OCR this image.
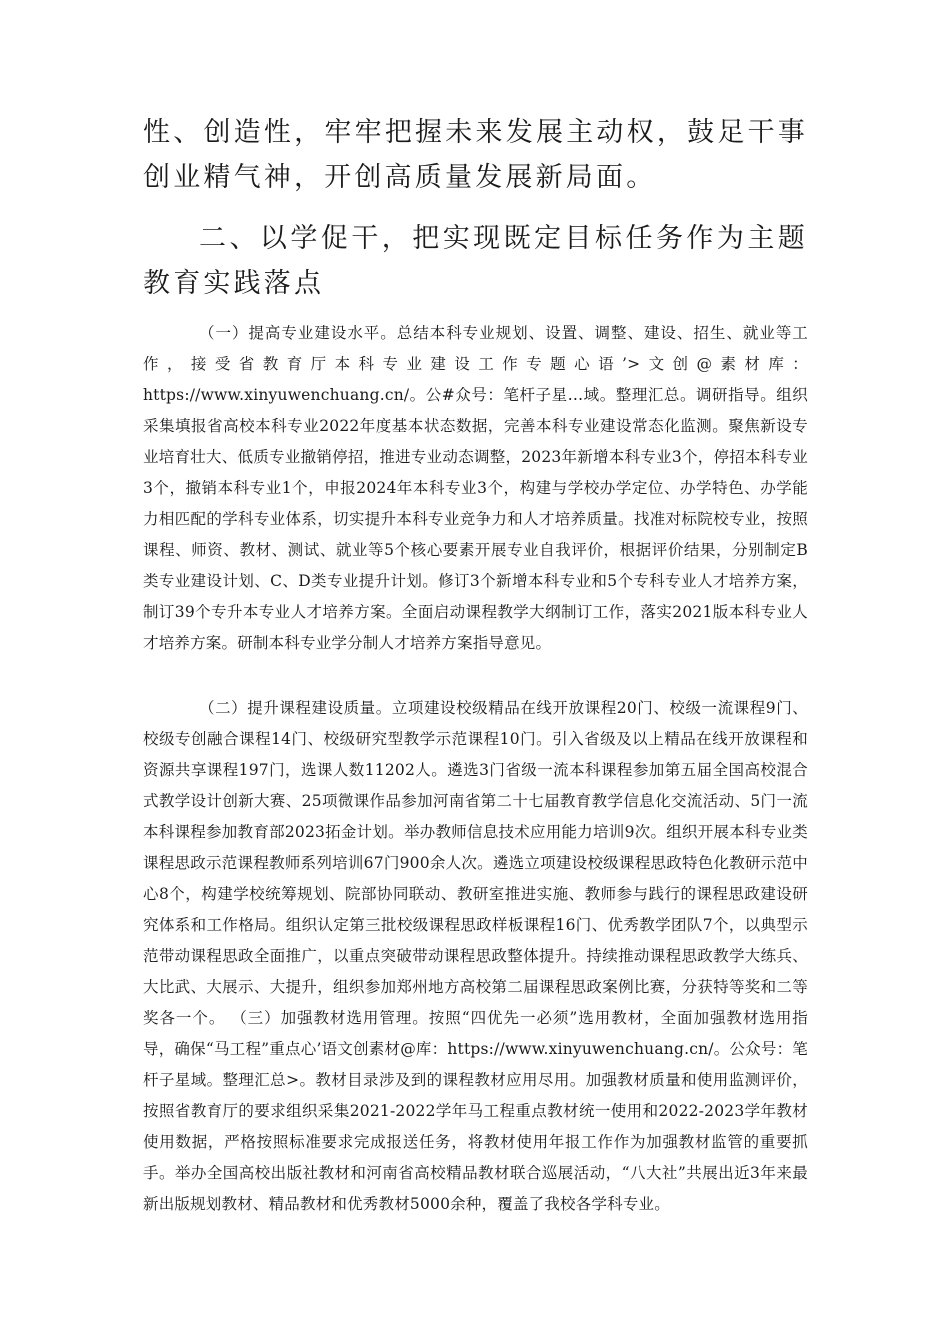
性、创造性，牢牢把握未来发展主动权，鼓足干事创业精气神，开创高质量发展新局面。

二、以学促干，把实现既定目标任务作为主题教育实践落点

（一）提高专业建设水平。总结本科专业规划、设置、调整、建设、招生、就业等工作，接受省教育厅本科专业建设工作专题心语’>文创@素材库：https://www.xinyuwenchuang.cn/。公#众号：笔杆子星…域。整理汇总。调研指导。组织采集填报省高校本科专业2022年度基本状态数据，完善本科专业建设常态化监测。聚焦新设专业培育壮大、低质专业撤销停招，推进专业动态调整，2023年新增本科专业3个，停招本科专业3个，撤销本科专业1个，申报2024年本科专业3个，构建与学校办学定位、办学特色、办学能力相匹配的学科专业体系，切实提升本科专业竞争力和人才培养质量。找准对标院校专业，按照课程、师资、教材、测试、就业等5个核心要素开展专业自我评价，根据评价结果，分别制定B类专业建设计划、C、D类专业提升计划。修订3个新增本科专业和5个专科专业人才培养方案，制订39个专升本专业人才培养方案。全面启动课程教学大纲制订工作，落实2021版本科专业人才培养方案。研制本科专业学分制人才培养方案指导意见。

（二）提升课程建设质量。立项建设校级精品在线开放课程20门、校级一流课程9门、校级专创融合课程14门、校级研究型教学示范课程10门。引入省级及以上精品在线开放课程和资源共享课程197门，选课人数11202人。遴选3门省级一流本科课程参加第五届全国高校混合式教学设计创新大赛、25项微课作品参加河南省第二十七届教育教学信息化交流活动、5门一流本科课程参加教育部2023拓金计划。举办教师信息技术应用能力培训9次。组织开展本科专业类课程思政示范课程教师系列培训67门900余人次。遴选立项建设校级课程思政特色化教研示范中心8个，构建学校统筹规划、院部协同联动、教研室推进实施、教师参与践行的课程思政建设研究体系和工作格局。组织认定第三批校级课程思政样板课程16门、优秀教学团队7个，以典型示范带动课程思政全面推广，以重点突破带动课程思政整体提升。持续推动课程思政教学大练兵、大比武、大展示、大提升，组织参加郑州地方高校第二届课程思政案例比赛，分获特等奖和二等奖各一个。 （三）加强教材选用管理。按照“四优先一必须”选用教材，全面加强教材选用指导，确保“马工程”重点心’语文创素材@库：https://www.xinyuwenchuang.cn/。公众号：笔杆子星域。整理汇总>。教材目录涉及到的课程教材应用尽用。加强教材质量和使用监测评价，按照省教育厅的要求组织采集2021-2022学年马工程重点教材统一使用和2022-2023学年教材使用数据，严格按照标准要求完成报送任务，将教材使用年报工作作为加强教材监管的重要抓手。举办全国高校出版社教材和河南省高校精品教材联合巡展活动，“八大社”共展出近3年来最新出版规划教材、精品教材和优秀教材5000余种，覆盖了我校各学科专业。
